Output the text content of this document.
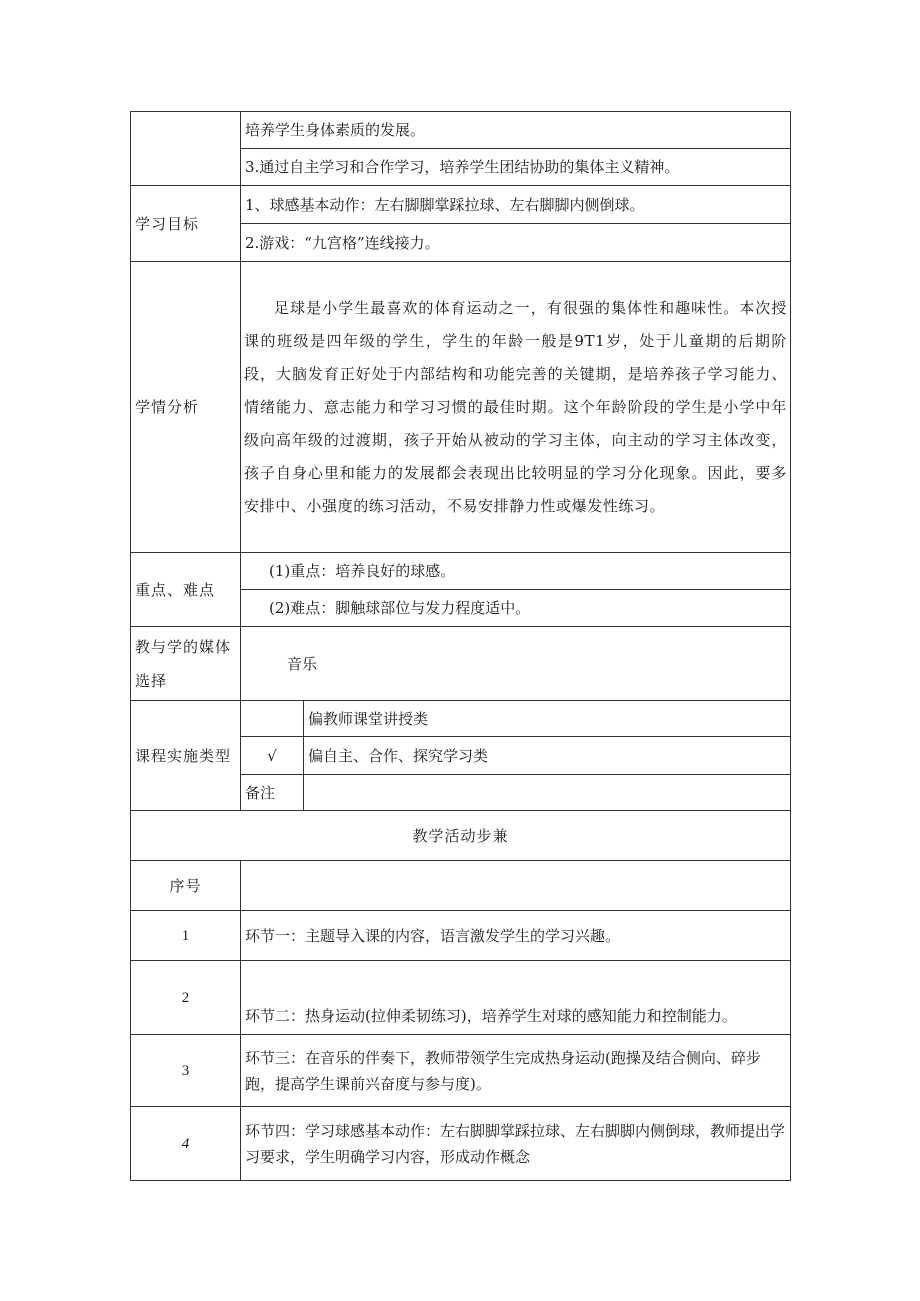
	培养学生身体素质的发展。	
	3.通过自主学习和合作学习，培养学生团结协助的集体主义精神。	
学习目标	1、球感基本动作：左右脚脚掌踩拉球、左右脚脚内侧倒球。	
	2.游戏：“九宫格”连线接力。	
学情分析	足球是小学生最喜欢的体育运动之一，有很强的集体性和趣味性。本次授课的班级是四年级的学生，学生的年龄一般是9T1岁，处于儿童期的后期阶段，大脑发育正好处于内部结构和功能完善的关键期，是培养孩子学习能力、情绪能力、意志能力和学习习惯的最佳时期。这个年龄阶段的学生是小学中年级向高年级的过渡期，孩子开始从被动的学习主体，向主动的学习主体改变，孩子自身心里和能力的发展都会表现出比较明显的学习分化现象。因此，要多安排中、小强度的练习活动，不易安排静力性或爆发性练习。	
重点、难点	(1)重点：培养良好的球感。	
	(2)难点：脚触球部位与发力程度适中。	
教与学的媒体选择	音乐	
课程实施类型		偏教师课堂讲授类
	√	偏自主、合作、探究学习类
	备注	
教学活动步兼		
序号		
1	环节一：主题导入课的内容，语言激发学生的学习兴趣。	
2	环节二：热身运动(拉伸柔韧练习)，培养学生对球的感知能力和控制能力。	
3	环节三：在音乐的伴奏下，教师带领学生完成热身运动(跑操及结合侧向、碎步跑，提高学生课前兴奋度与参与度)。	
4	环节四：学习球感基本动作：左右脚脚掌踩拉球、左右脚脚内侧倒球，教师提出学习要求，学生明确学习内容，形成动作概念	
